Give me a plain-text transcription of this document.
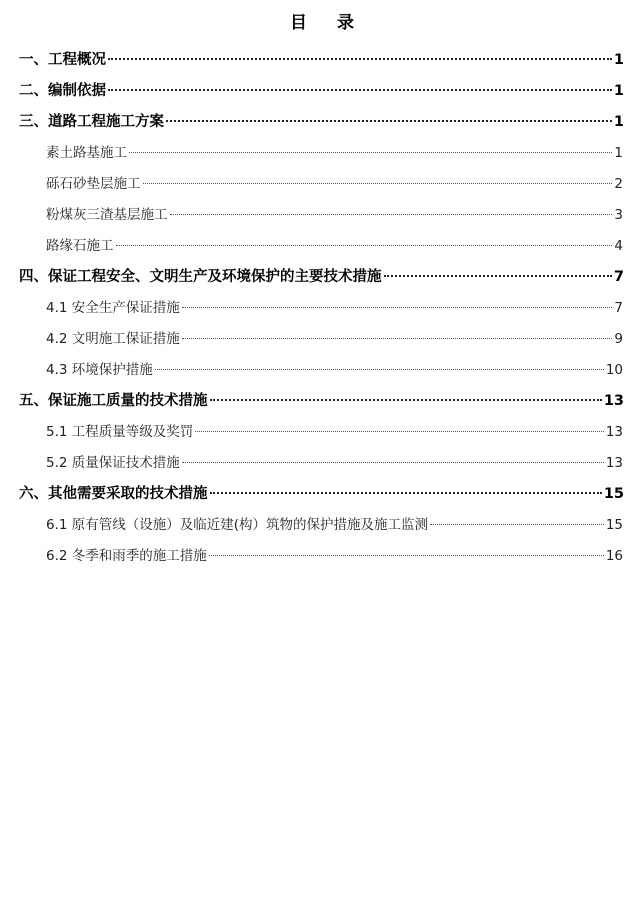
目 录
一、工程概况	1
二、编制依据	1
三、道路工程施工方案	1
素土路基施工	1
砾石砂垫层施工	2
粉煤灰三渣基层施工	3
路缘石施工	4
四、保证工程安全、文明生产及环境保护的主要技术措施	7
4.1 安全生产保证措施	7
4.2 文明施工保证措施	9
4.3 环境保护措施	10
五、保证施工质量的技术措施	13
5.1 工程质量等级及奖罚	13
5.2 质量保证技术措施	13
六、其他需要采取的技术措施	15
6.1 原有管线（设施）及临近建(构）筑物的保护措施及施工监测	15
6.2 冬季和雨季的施工措施	16
